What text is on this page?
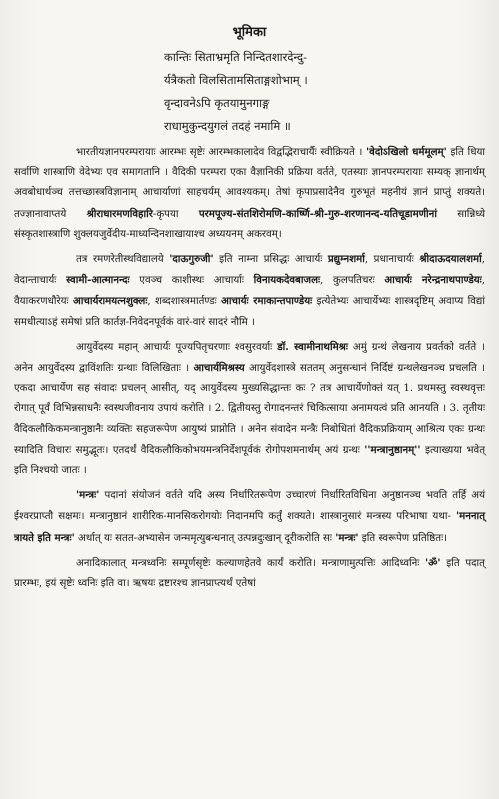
भूमिका
कान्तिः सिताभ्रमृति निन्दितशारदेन्दु-
र्यत्रैकतो विलसितामसिताङ्गशोभाम् ।
वृन्दावनेऽपि कृतयामुनगाङ्ग
राधामुकुन्दयुगलं तदहं नमामि ॥

भारतीयज्ञानपरम्परायाः आरम्भः सृष्टेः आरम्भकालादेव विद्वद्भिराचार्यैः स्वीक्रियते । 'वेदोऽखिलो धर्ममूलम्' इति धिया सर्वाणि शास्त्राणि वेदेभ्यः एव समागतानि । वैदिकी परम्परा एका वैज्ञानिकी प्रक्रिया वर्तते, एतस्याः ज्ञानपरम्परायाः सम्यक् ज्ञानार्थम् अवबोधार्थञ्च तत्तच्छास्त्रविज्ञानाम् आचार्याणां साहचर्यम् आवश्यकम्। तेषां कृपाप्रसादेनैव गुरुभूतं महनीयं ज्ञानं प्राप्तुं शक्यते। तज्ज्ञानावाप्तये श्रीराधारमणविहारि-कृपया परमपूज्य-संतशिरोमणि-कार्ष्णि-श्री-गुरु-शरणानन्द-यतिचूडामणीनां सान्निध्ये संस्कृतशास्त्राणि शुक्लयजुर्वेदीय-माध्यन्दिनशाखायाश्च अध्ययनम् अकरवम्।

तत्र रमणरेतीस्थविद्यालये 'दाऊगुरुजी' इति नाम्ना प्रसिद्धः आचार्यः प्रद्युम्नशर्मा, प्रधानाचार्यः श्रीदाऊदयालशर्मा, वेदान्ताचार्यः स्वामी-आत्मानन्दः एवञ्च काशीस्थः आचार्याः विनायकदेवबाजलः, कुलपतिचरः आचार्यः नरेन्द्रनाथपाण्डेयः, वैयाकरणधौरेयः आचार्यरामयत्नशुक्लः, शब्दशास्त्रमार्तण्डः आचार्यः रमाकान्तपाण्डेयः इत्येतेभ्यः आचार्येभ्यः शास्त्रदृष्टिम् अवाप्य विद्यां समधीत्याऽहं समेषां प्रति कार्तज्ञ-निवेदनपूर्वकं वारं-वारं सादरं नौमि ।

आयुर्वेदस्य महान् आचार्यः पूज्यपितृचरणाः श्वसुरवर्याः डॉ. स्वामीनाथमिश्रः अमुं ग्रन्थं लेखनाय प्रवर्तको वर्तते । अनेन आयुर्वेदस्य द्वाविंशतिः ग्रन्थाः विलिखिताः । आचार्यमिश्रस्य आयुर्वेदशास्त्रे सततम् अनुसन्धानं निर्दिष्टं ग्रन्थलेखनञ्च प्रचलति । एकदा आचार्येण सह संवादः प्रचलन् आसीत्, यद् आयुर्वेदस्य मुख्यसिद्धान्तः कः ? तत्र आचार्येणोक्तं यत् 1. प्रथमस्तु स्वस्थवृत्तः रोगात् पूर्वं विभिन्नसाधनैः स्वस्थजीवनाय उपायं करोति । 2. द्वितीयस्तु रोगादनन्तरं चिकित्साया अनामयत्वं प्रति आनयति । 3. तृतीयः वैदिकलौकिकमन्त्रानुष्ठानैः व्यक्तिः सहजरूपेण आयुष्यं प्राप्नोति । अनेन संवादेन मन्त्रैः निबोधितां वैदिकप्रक्रियाम् आश्रित्य एकः ग्रन्थः स्यादिति विचारः समुद्भूतः। एतदर्थं वैदिकलौकिकोभयमन्त्रनिर्देशपूर्वकं रोगोपशमनार्थम् अयं ग्रन्थः ''मन्त्रानुष्ठानम्'' इत्याख्यया भवेत् इति निश्चयो जातः ।

'मन्त्रः' पदानां संयोजनं वर्तते यदि अस्य निर्धारितरूपेण उच्चारणं निर्धारितविधिना अनुष्ठानञ्च भवति तर्हि अयं ईश्वरप्राप्तौ सक्षमः। मन्त्रानुष्ठानं शारीरिक-मानसिकरोगयोः निदानमपि कर्तुं शक्यते। शास्त्रानुसारं मन्त्रस्य परिभाषा यथा- 'मननात् त्रायते इति मन्त्रः' अर्थात् यः सतत-अभ्यासेन जन्ममृत्युबन्धनात् उत्पन्नदुःखान् दूरीकरोति सः 'मन्त्रः' इति स्वरूपेण प्रतिष्ठितः।

अनादिकालात् मन्त्रध्वनिः सम्पूर्णसृष्टेः कल्याणहेतवे कार्यं करोति। मन्त्राणामुत्पत्तिः आदिध्वनिः 'ॐ' इति पदात् प्रारम्भः, इयं सृष्टेः ध्वनिः इति वा। ऋषयः द्रष्टारश्च ज्ञानप्राप्त्यर्थं एतेषां
